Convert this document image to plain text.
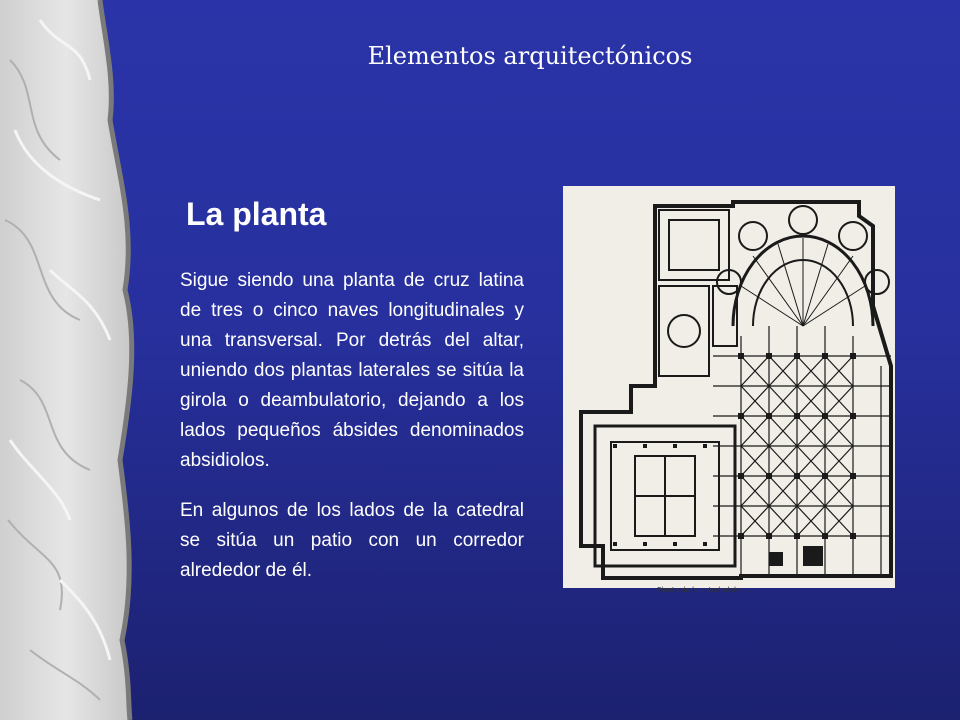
Elementos arquitectónicos
La planta

Sigue siendo una planta de cruz latina de tres o cinco naves longitudinales y una transversal. Por detrás del altar, uniendo dos plantas laterales se sitúa la girola o deambulatorio, dejando a los lados pequeños ábsides denominados absidiolos.

En algunos de los lados de la catedral se sitúa un patio con un corredor alrededor de él.

Planta de la catedral de ...
